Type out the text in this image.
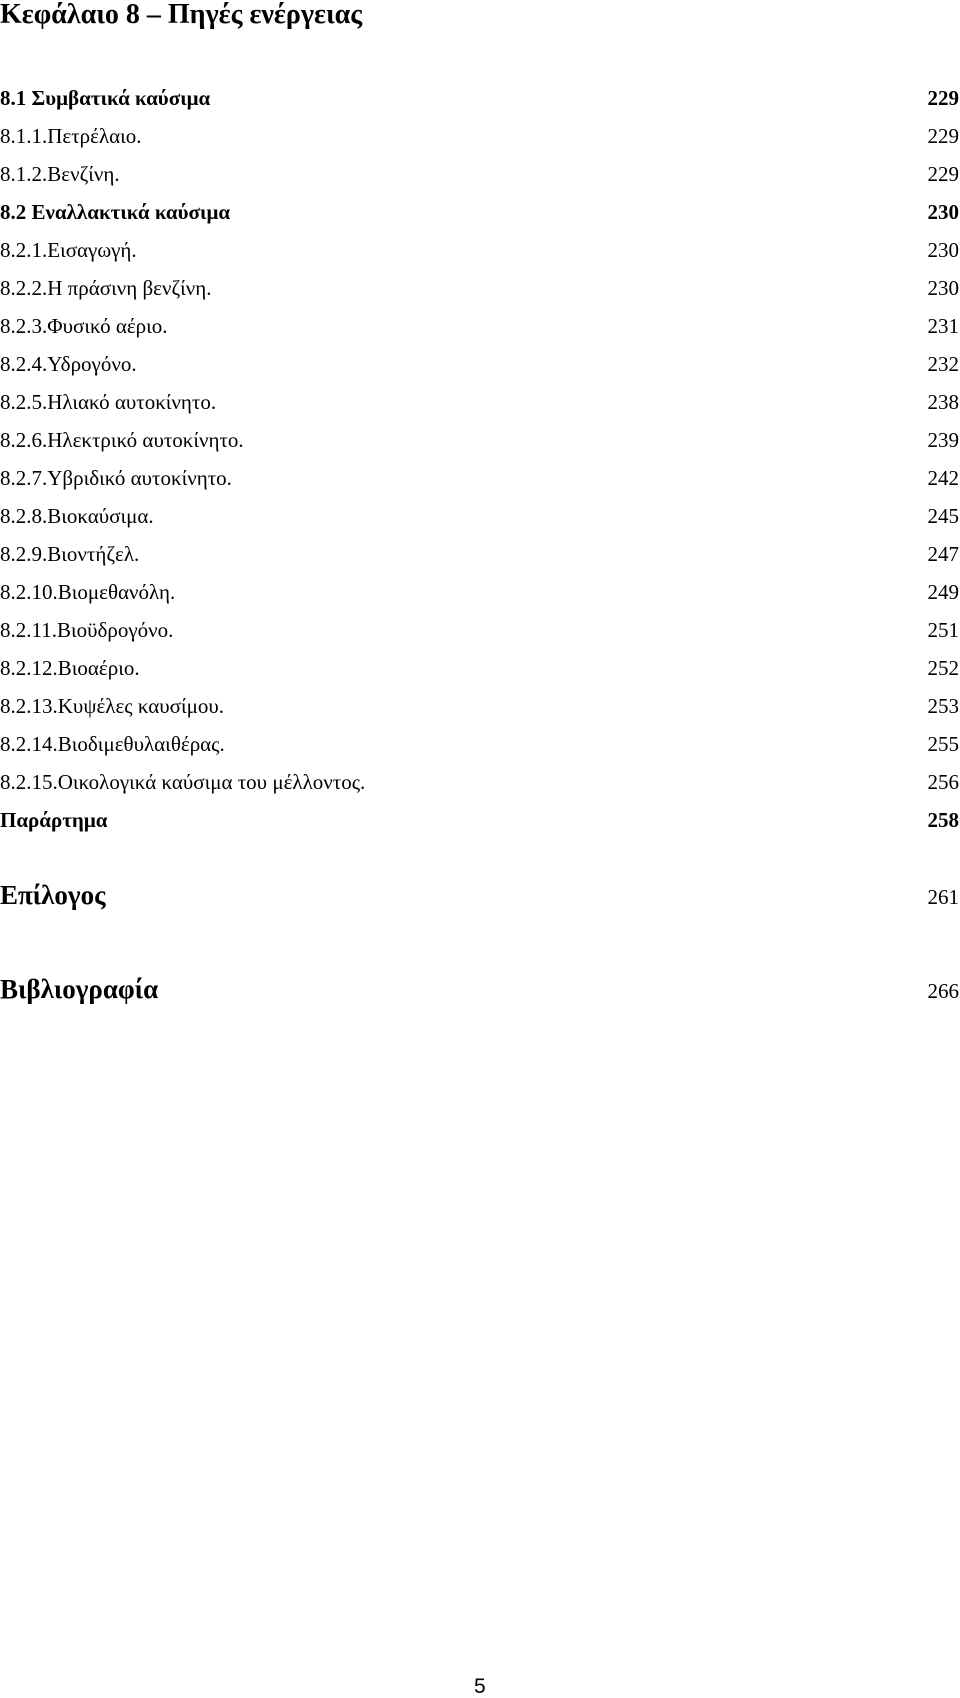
Κεφάλαιο 8 – Πηγές ενέργειας
8.1 Συμβατικά καύσιμα	229
8.1.1.Πετρέλαιο.	229
8.1.2.Βενζίνη.	229
8.2 Εναλλακτικά καύσιμα	230
8.2.1.Εισαγωγή.	230
8.2.2.Η πράσινη βενζίνη.	230
8.2.3.Φυσικό αέριο.	231
8.2.4.Υδρογόνο.	232
8.2.5.Ηλιακό αυτοκίνητο.	238
8.2.6.Ηλεκτρικό αυτοκίνητο.	239
8.2.7.Υβριδικό αυτοκίνητο.	242
8.2.8.Βιοκαύσιμα.	245
8.2.9.Βιοντήζελ.	247
8.2.10.Βιομεθανόλη.	249
8.2.11.Βιοϋδρογόνο.	251
8.2.12.Βιοαέριο.	252
8.2.13.Κυψέλες καυσίμου.	253
8.2.14.Βιοδιμεθυλαιθέρας.	255
8.2.15.Οικολογικά καύσιμα του μέλλοντος.	256
Παράρτημα	258
Επίλογος	261
Βιβλιογραφία	266
5
